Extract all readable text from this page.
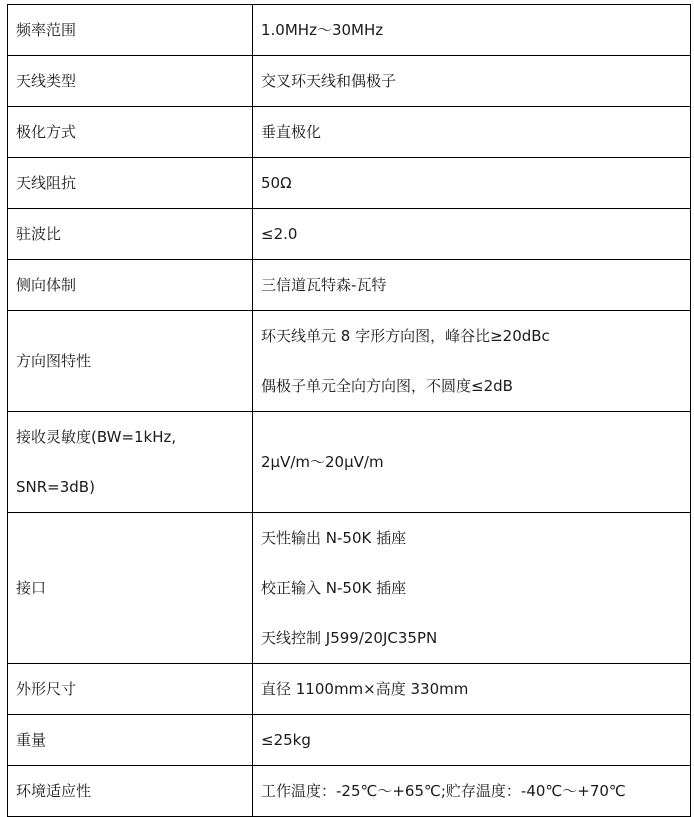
频率范围	1.0MHz～30MHz

天线类型	交叉环天线和偶极子

极化方式	垂直极化

天线阻抗	50Ω

驻波比	≤2.0

侧向体制	三信道瓦特森-瓦特

方向图特性	环天线单元 8 字形方向图，峰谷比≥20dBc
偶极子单元全向方向图，不圆度≤2dB

接收灵敏度(BW=1kHz,
SNR=3dB)	2μV/m～20μV/m

接口	天性输出 N-50K 插座
校正输入 N-50K 插座
天线控制 J599/20JC35PN

外形尺寸	直径 1100mm×高度 330mm

重量	≤25kg

环境适应性	工作温度：-25℃～+65℃;贮存温度：-40℃～+70℃
